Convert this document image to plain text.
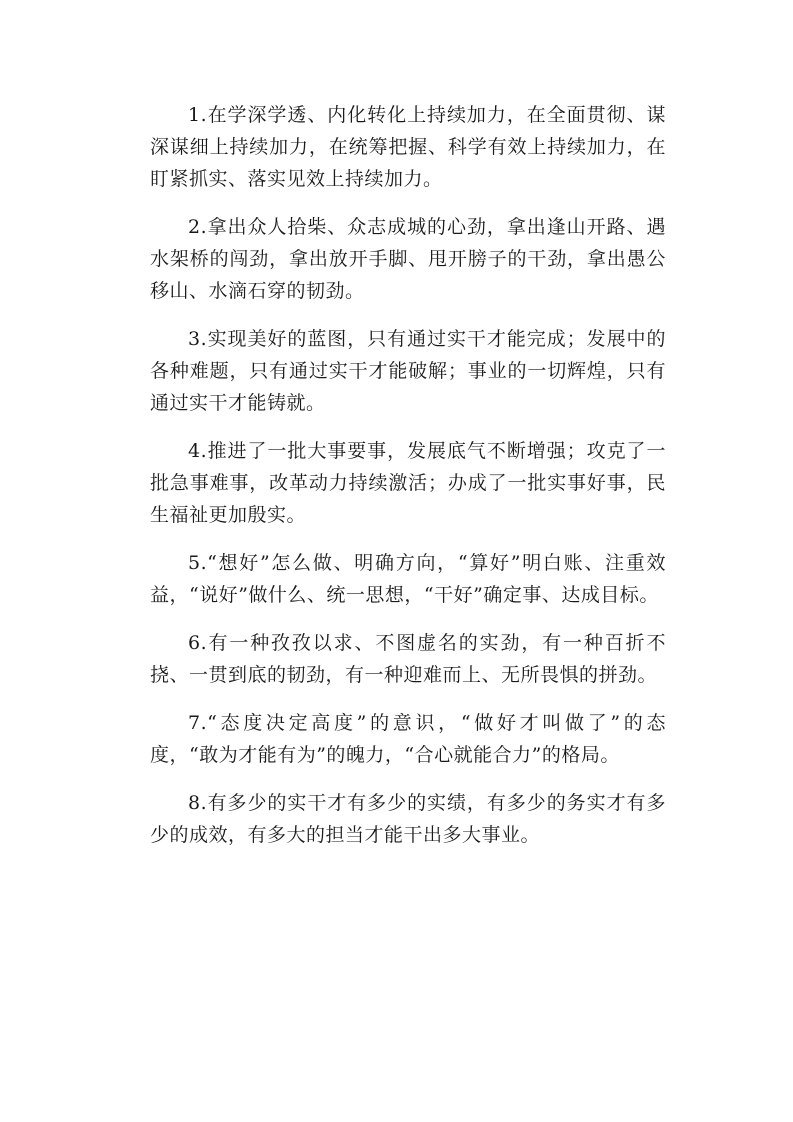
1.在学深学透、内化转化上持续加力，在全面贯彻、谋深谋细上持续加力，在统筹把握、科学有效上持续加力，在盯紧抓实、落实见效上持续加力。

2.拿出众人拾柴、众志成城的心劲，拿出逢山开路、遇水架桥的闯劲，拿出放开手脚、甩开膀子的干劲，拿出愚公移山、水滴石穿的韧劲。

3.实现美好的蓝图，只有通过实干才能完成；发展中的各种难题，只有通过实干才能破解；事业的一切辉煌，只有通过实干才能铸就。

4.推进了一批大事要事，发展底气不断增强；攻克了一批急事难事，改革动力持续激活；办成了一批实事好事，民生福祉更加殷实。

5.“想好”怎么做、明确方向，“算好”明白账、注重效益，“说好”做什么、统一思想，“干好”确定事、达成目标。

6.有一种孜孜以求、不图虚名的实劲，有一种百折不挠、一贯到底的韧劲，有一种迎难而上、无所畏惧的拼劲。

7.“态度决定高度”的意识，“做好才叫做了”的态度，“敢为才能有为”的魄力，“合心就能合力”的格局。

8.有多少的实干才有多少的实绩，有多少的务实才有多少的成效，有多大的担当才能干出多大事业。
